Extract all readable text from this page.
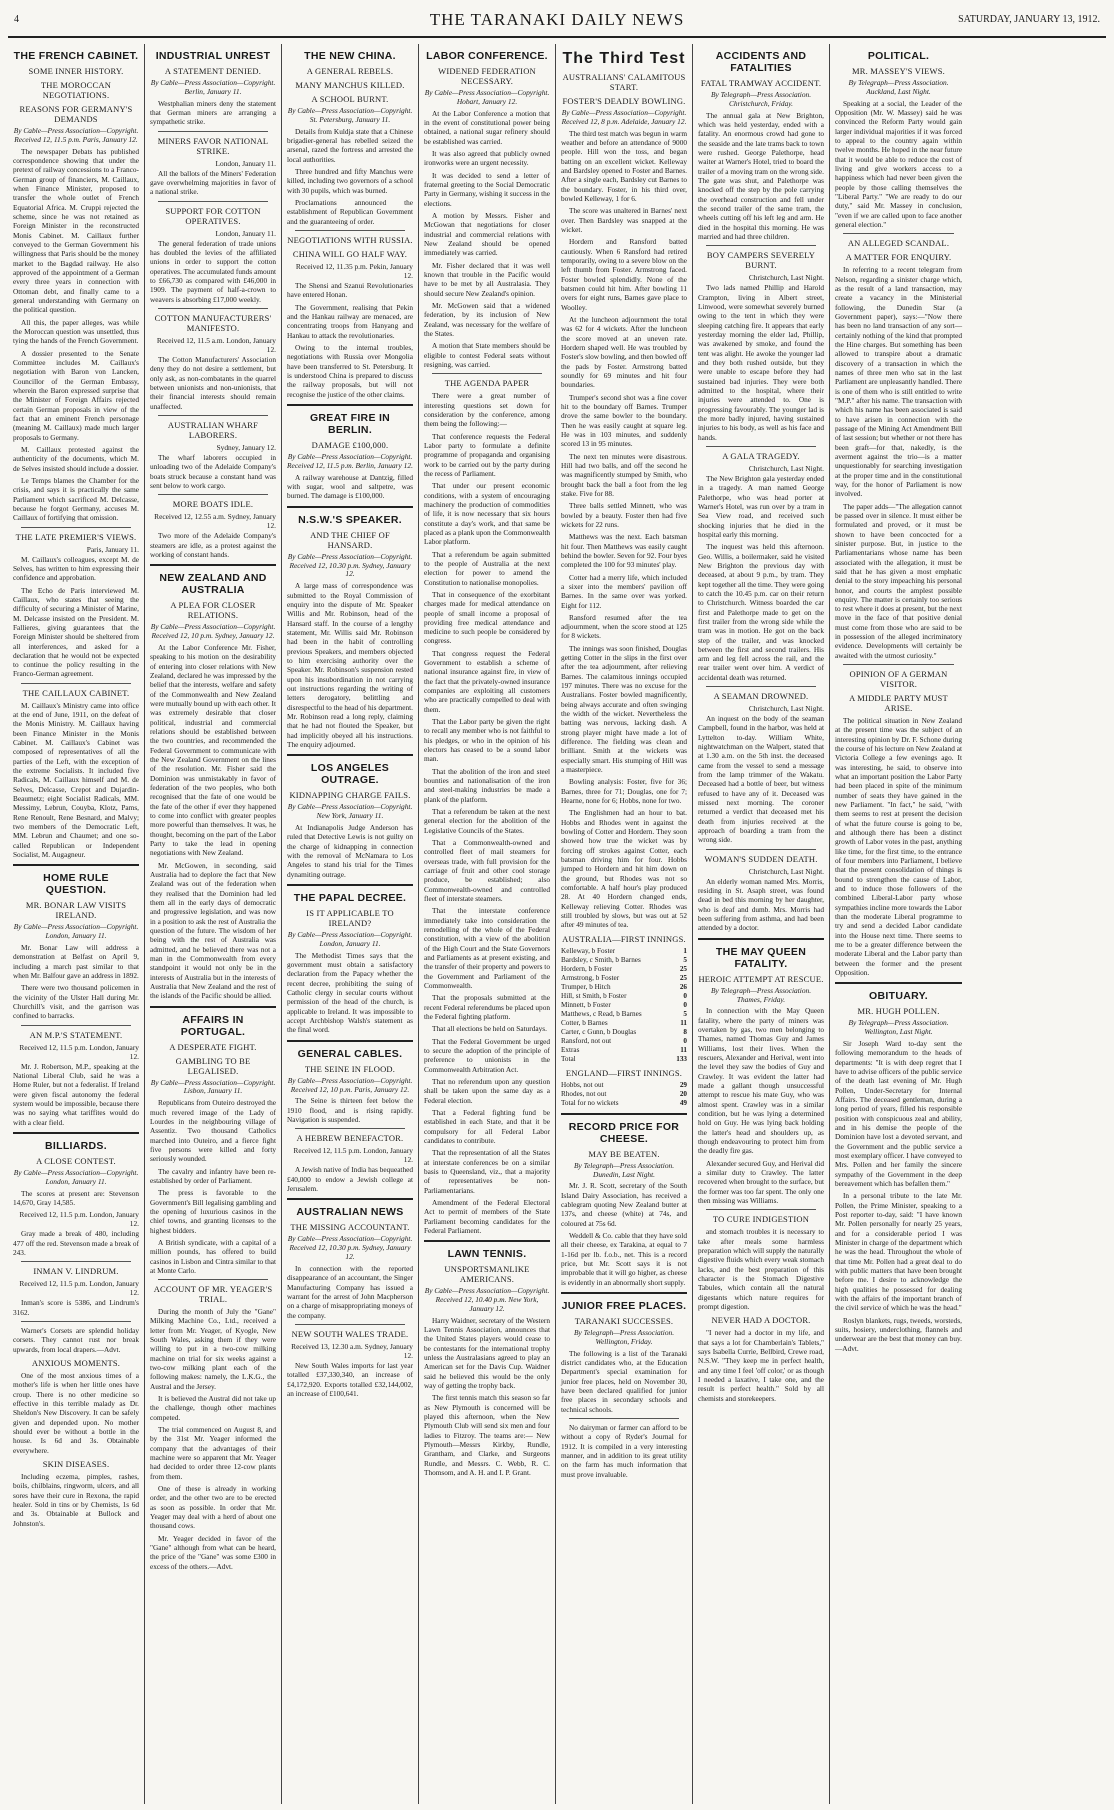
4	THE TARANAKI DAILY NEWS	SATURDAY, JANUARY 13, 1912.
THE FRENCH CABINET.
SOME INNER HISTORY.
THE MOROCCAN NEGOTIATIONS.
REASONS FOR GERMANY'S DEMANDS
By Cable—Press Association—Copyright. Received 12, 11.5 p.m. Paris, January 12.
The newspaper Debats has published correspondence showing that under the pretext of railway concessions to a Franco-German group of financiers, M. Caillaux, when Finance Minister, proposed to transfer the whole outlet of French Equatorial Africa. M. Cruppi rejected the scheme, since he was not retained as Foreign Minister in the reconstructed Monis Cabinet. M. Caillaux further conveyed to the German Government his willingness that Paris should be the money market to the Bagdad railway. He also approved of the appointment of a German every three years in connection with Ottoman debt, and finally came to a general understanding with Germany on the political question.
All this, the paper alleges, was while the Moroccan question was unsettled, thus tying the hands of the French Government.
A dossier presented to the Senate Committee includes M. Caillaux's negotiation with Baron von Lancken, Councillor of the German Embassy, wherein the Baron expressed surprise that the Minister of Foreign Affairs rejected certain German proposals in view of the fact that an eminent French personage (meaning M. Caillaux) made much larger proposals to Germany.
M. Caillaux protested against the authenticity of the documents, which M. de Selves insisted should include a dossier.
Le Temps blames the Chamber for the crisis, and says it is practically the same Parliament which sacrificed M. Delcasse, because he forgot Germany, accuses M. Caillaux of fortifying that omission.
THE LATE PREMIER'S VIEWS.
Paris, January 11.
M. Caillaux's colleagues, except M. de Selves, has written to him expressing their confidence and approbation.
The Echo de Paris interviewed M. Caillaux, who states that seeing the difficulty of securing a Minister of Marine, M. Delcasse insisted on the President. M. Fallieres, giving guarantees that the Foreign Minister should be sheltered from all interferences, and asked for a declaration that he would not be expected to continue the policy resulting in the Franco-German agreement.
THE CAILLAUX CABINET.
M. Caillaux's Ministry came into office at the end of June, 1911, on the defeat of the Monis Ministry. M. Caillaux having been Finance Minister in the Monis Cabinet. M. Caillaux's Cabinet was composed of representatives of all the parties of the Left, with the exception of the extreme Socialists. It included five Radicals, M. Caillaux himself and M. de Selves, Delcasse, Crepot and Dujardin-Beaumetz; eight Socialist Radicals, MM. Messimy, Lebrun, Couyba, Klotz, Pams, Rene Renoult, Rene Besnard, and Malvy; two members of the Democratic Left, MM. Lebrun and Chaumet; and one so-called Republican or Independent Socialist, M. Augagneur.
HOME RULE QUESTION.
MR. BONAR LAW VISITS IRELAND.
By Cable—Press Association—Copyright. London, January 11.
Mr. Bonar Law will address a demonstration at Belfast on April 9, including a march past similar to that when Mr. Balfour gave an address in 1892.
There were two thousand policemen in the vicinity of the Ulster Hall during Mr. Churchill's visit, and the garrison was confined to barracks.
AN M.P.'S STATEMENT.
Received 12, 11.5 p.m. London, January 12.
Mr. J. Robertson, M.P., speaking at the National Liberal Club, said he was a Home Ruler, but not a federalist. If Ireland were given fiscal autonomy the federal system would be impossible, because there was no saying what tariffites would do with a clear field.
BILLIARDS.
A CLOSE CONTEST.
By Cable—Press Association—Copyright. London, January 11.
The scores at present are: Stevenson 14,670, Gray 14,585.
Received 12, 11.5 p.m. London, January 12.
Gray made a break of 480, including 477 off the red. Stevenson made a break of 243.
INMAN V. LINDRUM.
Received 12, 11.5 p.m. London, January 12.
Inman's score is 5386, and Lindrum's 3162.
Warner's Corsets are splendid holiday corsets. They cannot rust nor break upwards, from local drapers.—Advt.
ANXIOUS MOMENTS.
One of the most anxious times of a mother's life is when her little ones have croup. There is no other medicine so effective in this terrible malady as Dr. Sheldon's New Discovery. It can be safely given and depended upon. No mother should ever be without a bottle in the house. Is 6d and 3s. Obtainable everywhere.
SKIN DISEASES.
Including eczema, pimples, rashes, boils, chilblains, ringworm, ulcers, and all sores have their cure in Rexona, the rapid healer. Sold in tins or by Chemists, 1s 6d and 3s. Obtainable at Bullock and Johnston's.
INDUSTRIAL UNREST
A STATEMENT DENIED.
By Cable—Press Association—Copyright. Berlin, January 11.
Westphalian miners deny the statement that German miners are arranging a sympathetic strike.
MINERS FAVOR NATIONAL STRIKE.
London, January 11.
All the ballots of the Miners' Federation gave overwhelming majorities in favor of a national strike.
SUPPORT FOR COTTON OPERATIVES.
London, January 11.
The general federation of trade unions has doubled the levies of the affiliated unions in order to support the cotton operatives. The accumulated funds amount to £66,730 as compared with £46,000 in 1909. The payment of half-a-crown to weavers is absorbing £17,000 weekly.
COTTON MANUFACTURERS' MANIFESTO.
Received 12, 11.5 a.m. London, January 12.
The Cotton Manufacturers' Association deny they do not desire a settlement, but only ask, as non-combatants in the quarrel between unionists and non-unionists, that their financial interests should remain unaffected.
AUSTRALIAN WHARF LABORERS.
Sydney, January 12.
The wharf laborers occupied in unloading two of the Adelaide Company's boats struck because a constant hand was sent below to work cargo.
MORE BOATS IDLE.
Received 12, 12.55 a.m. Sydney, January 12.
Two more of the Adelaide Company's steamers are idle, as a protest against the working of constant hands.
NEW ZEALAND AND AUSTRALIA
A PLEA FOR CLOSER RELATIONS.
By Cable—Press Association—Copyright. Received 12, 10 p.m. Sydney, January 12.
At the Labor Conference Mr. Fisher, speaking to his motion on the desirability of entering into closer relations with New Zealand, declared he was impressed by the belief that the interests, welfare and safety of the Commonwealth and New Zealand were mutually bound up with each other. It was extremely desirable that closer political, industrial and commercial relations should be established between the two countries, and recommended the Federal Government to communicate with the New Zealand Government on the lines of the resolution. Mr. Fisher said the Dominion was unmistakably in favor of federation of the two peoples, who both recognised that the fate of one would be the fate of the other if ever they happened to come into conflict with greater peoples more powerful than themselves. It was, he thought, becoming on the part of the Labor Party to take the lead in opening negotiations with New Zealand.
Mr. McGowen, in seconding, said Australia had to deplore the fact that New Zealand was out of the federation when they realised that the Dominion had led them all in the early days of democratic and progressive legislation, and was now in a position to ask the rest of Australia the question of the future. The wisdom of her being with the rest of Australia was admitted, and he believed there was not a man in the Commonwealth from every standpoint it would not only be in the interests of Australia but in the interests of Australia that New Zealand and the rest of the islands of the Pacific should be allied.
AFFAIRS IN PORTUGAL.
A DESPERATE FIGHT.
GAMBLING TO BE LEGALISED.
By Cable—Press Association—Copyright. Lisbon, January 11.
Republicans from Outeiro destroyed the much revered image of the Lady of Lourdes in the neighbouring village of Assentiz. Two thousand Catholics marched into Outeiro, and a fierce fight five persons were killed and forty seriously wounded.
The cavalry and infantry have been re-established by order of Parliament.
The press is favorable to the Government's Bill legalising gambling and the opening of luxurious casinos in the chief towns, and granting licenses to the highest bidders.
A British syndicate, with a capital of a million pounds, has offered to build casinos in Lisbon and Cintra similar to that at Monte Carlo.
ACCOUNT OF MR. YEAGER'S TRIAL.
During the month of July the "Gane" Milking Machine Co., Ltd., received a letter from Mr. Yeager, of Kyogle, New South Wales, asking them if they were willing to put in a two-cow milking machine on trial for six weeks against a two-cow milking plant each of the following makes: namely, the L.K.G., the Austral and the Jersey.
It is believed the Austral did not take up the challenge, though other machines competed.
The trial commenced on August 8, and by the 31st Mr. Yeager informed the company that the advantages of their machine were so apparent that Mr. Yeager had decided to order three 12-cow plants from them.
One of these is already in working order, and the other two are to be erected as soon as possible. In order that Mr. Yeager may deal with a herd of about one thousand cows.
Mr. Yeager decided in favor of the "Gane" although from what can be heard, the price of the "Gane" was some £300 in excess of the others.—Advt.
THE NEW CHINA.
A GENERAL REBELS.
MANY MANCHUS KILLED.
A SCHOOL BURNT.
By Cable—Press Association—Copyright. St. Petersburg, January 11.
Details from Kuldja state that a Chinese brigadier-general has rebelled seized the arsenal, razed the fortress and arrested the local authorities.
Three hundred and fifty Manchus were killed, including two governors of a school with 30 pupils, which was burned.
Proclamations announced the establishment of Republican Government and the guaranteeing of order.
NEGOTIATIONS WITH RUSSIA.
CHINA WILL GO HALF WAY.
Received 12, 11.35 p.m. Pekin, January 12.
The Shensi and Szanui Revolutionaries have entered Honan.
The Government, realising that Pekin and the Hankau railway are menaced, are concentrating troops from Hanyang and Hankau to attack the revolutionaries.
Owing to the internal troubles, negotiations with Russia over Mongolia have been transferred to St. Petersburg. It is understood China is prepared to discuss the railway proposals, but will not recognise the justice of the other claims.
GREAT FIRE IN BERLIN.
DAMAGE £100,000.
By Cable—Press Association—Copyright. Received 12, 11.5 p.m. Berlin, January 12.
A railway warehouse at Dantzig, filled with sugar, wool and saltpetre, was burned. The damage is £100,000.
N.S.W.'S SPEAKER.
AND THE CHIEF OF HANSARD.
By Cable—Press Association—Copyright. Received 12, 10.30 p.m. Sydney, January 12.
A large mass of correspondence was submitted to the Royal Commission of enquiry into the dispute of Mr. Speaker Willis and Mr. Robinson, head of the Hansard staff. In the course of a lengthy statement, Mr. Willis said Mr. Robinson had been in the habit of controlling previous Speakers, and members objected to him exercising authority over the Speaker. Mr. Robinson's suspension rested upon his insubordination in not carrying out instructions regarding the writing of letters derogatory, belittling and disrespectful to the head of his department. Mr. Robinson read a long reply, claiming that he had not flouted the Speaker, but had implicitly obeyed all his instructions. The enquiry adjourned.
LOS ANGELES OUTRAGE.
KIDNAPPING CHARGE FAILS.
By Cable—Press Association—Copyright. New York, January 11.
At Indianapolis Judge Anderson has ruled that Detective Lewis is not guilty on the charge of kidnapping in connection with the removal of McNamara to Los Angeles to stand his trial for the Times dynamiting outrage.
THE PAPAL DECREE.
IS IT APPLICABLE TO IRELAND?
By Cable—Press Association—Copyright. London, January 11.
The Methodist Times says that the government must obtain a satisfactory declaration from the Papacy whether the recent decree, prohibiting the suing of Catholic clergy in secular courts without permission of the head of the church, is applicable to Ireland. It was impossible to accept Archbishop Walsh's statement as the final word.
GENERAL CABLES.
THE SEINE IN FLOOD.
By Cable—Press Association—Copyright. Received 12, 10 p.m. Paris, January 12.
The Seine is thirteen feet below the 1910 flood, and is rising rapidly. Navigation is suspended.
A HEBREW BENEFACTOR.
Received 12, 11.5 p.m. London, January 12.
A Jewish native of India has bequeathed £40,000 to endow a Jewish college at Jerusalem.
AUSTRALIAN NEWS
THE MISSING ACCOUNTANT.
By Cable—Press Association—Copyright. Received 12, 10.30 p.m. Sydney, January 12.
In connection with the reported disappearance of an accountant, the Singer Manufacturing Company has issued a warrant for the arrest of John Macpherson on a charge of misappropriating moneys of the company.
NEW SOUTH WALES TRADE.
Received 13, 12.30 a.m. Sydney, January 12.
New South Wales imports for last year totalled £37,330,340, an increase of £4,172,920. Exports totalled £32,144,002, an increase of £100,641.
LABOR CONFERENCE.
WIDENED FEDERATION NECESSARY.
By Cable—Press Association—Copyright. Hobart, January 12.
At the Labor Conference a motion that in the event of constitutional power being obtained, a national sugar refinery should be established was carried.
It was also agreed that publicly owned ironworks were an urgent necessity.
It was decided to send a letter of fraternal greeting to the Social Democratic Party in Germany, wishing it success in the elections.
A motion by Messrs. Fisher and McGowan that negotiations for closer industrial and commercial relations with New Zealand should be opened immediately was carried.
Mr. Fisher declared that it was well known that trouble in the Pacific would have to be met by all Australasia. They should secure New Zealand's opinion.
Mr. McGowen said that a widened federation, by its inclusion of New Zealand, was necessary for the welfare of the States.
A motion that State members should be eligible to contest Federal seats without resigning, was carried.
THE AGENDA PAPER
There were a great number of interesting questions set down for consideration by the conference, among them being the following:—
That conference requests the Federal Labor party to formulate a definite programme of propaganda and organising work to be carried out by the party during the recess of Parliament.
That under our present economic conditions, with a system of encouraging machinery the production of commodities of life, it is now necessary that six hours constitute a day's work, and that same be placed as a plank upon the Commonwealth Labor platform.
That a referendum be again submitted to the people of Australia at the next election for power to amend the Constitution to nationalise monopolies.
That in consequence of the exorbitant charges made for medical attendance on people of small income a proposal of providing free medical attendance and medicine to such people be considered by congress.
That congress request the Federal Government to establish a scheme of national insurance against fire, in view of the fact that the privately-owned insurance companies are exploiting all customers who are practically compelled to deal with them.
That the Labor party be given the right to recall any member who is not faithful to his pledges, or who in the opinion of his electors has ceased to be a sound labor man.
That the abolition of the iron and steel bounties and nationalisation of the iron and steel-making industries be made a plank of the platform.
That a referendum be taken at the next general election for the abolition of the Legislative Councils of the States.
That a Commonwealth-owned and controlled fleet of mail steamers for overseas trade, with full provision for the carriage of fruit and other cool storage produce, be established; also Commonwealth-owned and controlled fleet of interstate steamers.
That the interstate conference immediately take into consideration the remodelling of the whole of the Federal constitution, with a view of the abolition of the High Court and the State Governors and Parliaments as at present existing, and the transfer of their property and powers to the Government and Parliament of the Commonwealth.
That the proposals submitted at the recent Federal referendums be placed upon the Federal fighting platform.
That all elections be held on Saturdays.
That the Federal Government be urged to secure the adoption of the principle of preference to unionists in the Commonwealth Arbitration Act.
That no referendum upon any question shall be taken upon the same day as a Federal election.
That a Federal fighting fund be established in each State, and that it be compulsory for all Federal Labor candidates to contribute.
That the representation of all the States at interstate conferences be on a similar basis to Queensland, viz., that a majority of representatives be non-Parliamentarians.
Amendment of the Federal Electoral Act to permit of members of the State Parliament becoming candidates for the Federal Parliament.
LAWN TENNIS.
UNSPORTSMANLIKE AMERICANS.
By Cable—Press Association—Copyright. Received 12, 10.40 p.m. New York, January 12.
Harry Waidner, secretary of the Western Lawn Tennis Association, announces that the United States players would cease to be contestants for the international trophy unless the Australasians agreed to play an American set for the Davis Cup. Waidner said he believed this would be the only way of getting the trophy back.
The first tennis match this season so far as New Plymouth is concerned will be played this afternoon, when the New Plymouth Club will send six men and four ladies to Fitzroy. The teams are:— New Plymouth—Messrs Kirkby, Rundle, Grantham, and Clarke, and Surgeons Rundle, and Messrs. C. Webb, R. C. Thomsom, and A. H. and I. P. Grant.
The Third Test
AUSTRALIANS' CALAMITOUS START.
FOSTER'S DEADLY BOWLING.
By Cable—Press Association—Copyright. Received 12, 8 p.m. Adelaide, January 12.
The third test match was begun in warm weather and before an attendance of 9000 people. Hill won the toss, and began batting on an excellent wicket. Kelleway and Bardsley opened to Foster and Barnes. After a single each, Bardsley cut Barnes to the boundary. Foster, in his third over, bowled Kelleway, 1 for 6.
The score was unaltered in Barnes' next over. Then Bardsley was snapped at the wicket.
Hordern and Ransford batted cautiously. When 6 Ransford had retired temporarily, owing to a severe blow on the left thumb from Foster. Armstrong faced. Foster bowled splendidly. None of the batsmen could hit him. After bowling 11 overs for eight runs, Barnes gave place to Woolley.
At the luncheon adjournment the total was 62 for 4 wickets. After the luncheon the score moved at an uneven rate. Hordern shaped well. He was troubled by Foster's slow bowling, and then bowled off the pads by Foster. Armstrong batted soundly for 69 minutes and hit four boundaries.
Trumper's second shot was a fine cover hit to the boundary off Barnes. Trumper drove the same bowler to the boundary. Then he was easily caught at square leg. He was in 103 minutes, and suddenly scored 13 in 95 minutes.
The next ten minutes were disastrous. Hill had two balls, and off the second he was magnificently stumped by Smith, who brought back the ball a foot from the leg stake. Five for 88.
Three balls settled Minnett, who was bowled by a beauty. Foster then had five wickets for 22 runs.
Matthews was the next. Each batsman hit four. Then Matthews was easily caught behind the bowler. Seven for 92. Four byes completed the 100 for 93 minutes' play.
Cotter had a merry life, which included a sixer into the members' pavilion off Barnes. In the same over was yorked. Eight for 112.
Ransford resumed after the tea adjournment, when the score stood at 125 for 8 wickets.
The innings was soon finished, Douglas getting Cotter in the slips in the first over after the tea adjournment, after relieving Barnes. The calamitous innings occupied 197 minutes. There was no excuse for the Australians. Foster bowled magnificently, being always accurate and often swinging the width of the wicket. Nevertheless the batting was nervous, lacking dash. A strong player might have made a lot of difference. The fielding was clean and brilliant. Smith at the wickets was especially smart. His stumping of Hill was a masterpiece.
Bowling analysis: Foster, five for 36; Barnes, three for 71; Douglas, one for 7; Hearne, none for 6; Hobbs, none for two.
The Englishmen had an hour to bat. Hobbs and Rhodes went in against the bowling of Cotter and Hordern. They soon showed how true the wicket was by forcing off strokes against Cotter, each batsman driving him for four. Hobbs jumped to Hordern and hit him down on the ground, but Rhodes was not so comfortable. A half hour's play produced 28. At 40 Hordern changed ends, Kelleway relieving Cotter. Rhodes was still troubled by slows, but was out at 52 after 49 minutes of tea.
AUSTRALIA—FIRST INNINGS.
Kelleway, b Foster	1
Bardsley, c Smith, b Barnes	5
Hordern, b Foster	25
Armstrong, b Foster	25
Trumper, b Hitch	26
Hill, st Smith, b Foster	0
Minnett, b Foster	0
Matthews, c Read, b Barnes	5
Cotter, b Barnes	11
Carter, c Gunn, b Douglas	8
Ransford, not out	0
Extras	11
Total	133
ENGLAND—FIRST INNINGS.
Hobbs, not out	29
Rhodes, not out	20
Total for no wickets	49
RECORD PRICE FOR CHEESE.
MAY BE BEATEN.
By Telegraph—Press Association. Dunedin, Last Night.
Mr. J. R. Scott, secretary of the South Island Dairy Association, has received a cablegram quoting New Zealand butter at 137s, and cheese (white) at 74s, and coloured at 75s 6d.
Weddell & Co. cable that they have sold all their cheese, ex Tarakina, at equal to 7 1-16d per lb. f.o.b., net. This is a record price, but Mr. Scott says it is not improbable that it will go higher, as cheese is evidently in an abnormally short supply.
JUNIOR FREE PLACES.
TARANAKI SUCCESSES.
By Telegraph—Press Association. Wellington, Friday.
The following is a list of the Taranaki district candidates who, at the Education Department's special examination for junior free places, held on November 30, have been declared qualified for junior free places in secondary schools and technical schools.
No dairyman or farmer can afford to be without a copy of Ryder's Journal for 1912. It is compiled in a very interesting manner, and in addition to its great utility on the farm has much information that must prove invaluable.
ACCIDENTS AND FATALITIES
FATAL TRAMWAY ACCIDENT.
By Telegraph—Press Association. Christchurch, Friday.
The annual gala at New Brighton, which was held yesterday, ended with a fatality. An enormous crowd had gone to the seaside and the late trams back to town were rushed. George Palethorpe, head waiter at Warner's Hotel, tried to board the trailer of a moving tram on the wrong side. The gate was shut, and Palethorpe was knocked off the step by the pole carrying the overhead construction and fell under the second trailer of the same tram, the wheels cutting off his left leg and arm. He died in the hospital this morning. He was married and had three children.
BOY CAMPERS SEVERELY BURNT.
Christchurch, Last Night.
Two lads named Phillip and Harold Crampton, living in Albert street, Linwood, were somewhat severely burned owing to the tent in which they were sleeping catching fire. It appears that early yesterday morning the elder lad, Phillip, was awakened by smoke, and found the tent was alight. He awoke the younger lad and they both rushed outside, but they were unable to escape before they had sustained bad injuries. They were both admitted to the hospital, where their injuries were attended to. One is progressing favourably. The younger lad is the more badly injured, having sustained injuries to his body, as well as his face and hands.
A GALA TRAGEDY.
Christchurch, Last Night.
The New Brighton gala yesterday ended in a tragedy. A man named George Palethorpe, who was head porter at Warner's Hotel, was run over by a tram in Sea View road, and received such shocking injuries that he died in the hospital early this morning.
The inquest was held this afternoon. Geo. Willis, a boilermaker, said he visited New Brighton the previous day with deceased, at about 9 p.m., by tram. They kept together all the time. They were going to catch the 10.45 p.m. car on their return to Christchurch. Witness boarded the car first and Palethorpe made to get on the first trailer from the wrong side while the tram was in motion. He got on the back step of the trailer, and was knocked between the first and second trailers. His arm and leg fell across the rail, and the rear trailer went over him. A verdict of accidental death was returned.
A SEAMAN DROWNED.
Christchurch, Last Night.
An inquest on the body of the seaman Campbell, found in the harbor, was held at Lyttelton to-day. William White, nightwatchman on the Walpert, stated that at 1.30 a.m. on the 5th inst. the deceased came from the vessel to send a message from the lamp trimmer of the Wakatu. Deceased had a bottle of beer, but witness refused to have any of it. Deceased was missed next morning. The coroner returned a verdict that deceased met his death from injuries received at the approach of boarding a tram from the wrong side.
WOMAN'S SUDDEN DEATH.
Christchurch, Last Night.
An elderly woman named Mrs. Morris, residing in St. Asaph street, was found dead in bed this morning by her daughter, who is deaf and dumb. Mrs. Morris had been suffering from asthma, and had been attended by a doctor.
THE MAY QUEEN FATALITY.
HEROIC ATTEMPT AT RESCUE.
By Telegraph—Press Association. Thames, Friday.
In connection with the May Queen fatality, where the party of miners was overtaken by gas, two men belonging to Thames, named Thomas Guy and James Williams, lost their lives. When the rescuers, Alexander and Herival, went into the level they saw the bodies of Guy and Crawley. It was evident the latter had made a gallant though unsuccessful attempt to rescue his mate Guy, who was almost spent. Crawley was in a similar condition, but he was lying a determined hold on Guy. He was lying back holding the latter's head and shoulders up, as though endeavouring to protect him from the deadly fire gas.
Alexander secured Guy, and Herival did a similar duty to Crawley. The latter recovered when brought to the surface, but the former was too far spent. The only one then missing was Williams.
TO CURE INDIGESTION
and stomach troubles it is necessary to take after meals some harmless preparation which will supply the naturally digestive fluids which every weak stomach lacks, and the best preparation of this character is the Stomach Digestive Tabules, which contain all the natural digestants which nature requires for prompt digestion.
NEVER HAD A DOCTOR.
"I never had a doctor in my life, and that says a lot for Chamberlain's Tablets," says Isabella Currie, Bellbird, Crewe road, N.S.W. "They keep me in perfect health, and any time I feel 'off color,' or as though I needed a laxative, I take one, and the result is perfect health." Sold by all chemists and storekeepers.
POLITICAL.
MR. MASSEY'S VIEWS.
By Telegraph—Press Association. Auckland, Last Night.
Speaking at a social, the Leader of the Opposition (Mr. W. Massey) said he was convinced the Reform Party would gain larger individual majorities if it was forced to appeal to the country again within twelve months. He hoped in the near future that it would be able to reduce the cost of living and give workers access to a happiness which had never been given the people by those calling themselves the "Liberal Party." "We are ready to do our duty," said Mr. Massey in conclusion, "even if we are called upon to face another general election."
AN ALLEGED SCANDAL.
A MATTER FOR ENQUIRY.
In referring to a recent telegram from Nelson, regarding a sinister charge which, as the result of a land transaction, may create a vacancy in the Ministerial following, the Dunedin Star (a Government paper), says:—"Now there has been no land transaction of any sort—certainly nothing of the kind that prompted the Hine charges. But something has been allowed to transpire about a dramatic discovery of a transaction in which the names of three men who sat in the last Parliament are unpleasantly handled. There is one of them who is still entitled to write "M.P." after his name. The transaction with which his name has been associated is said to have arisen in connection with the passage of the Mining Act Amendment Bill of last session; but whether or not there has been graft—for that, nakedly, is the averment against the trio—is a matter unquestionably for searching investigation at the proper time and in the constitutional way, for the honor of Parliament is now involved.
The paper adds—"The allegation cannot be passed over in silence. It must either be formulated and proved, or it must be shown to have been concocted for a sinister purpose. But, in justice to the Parliamentarians whose name has been associated with the allegation, it must be said that he has given a most emphatic denial to the story impeaching his personal honor, and courts the amplest possible enquiry. The matter is certainly too serious to rest where it does at present, but the next move in the face of that positive denial must come from those who are said to be in possession of the alleged incriminatory evidence. Developments will certainly be awaited with the utmost curiosity."
OPINION OF A GERMAN VISITOR.
A MIDDLE PARTY MUST ARISE.
The political situation in New Zealand at the present time was the subject of an interesting opinion by Dr. F. Schone during the course of his lecture on New Zealand at Victoria College a few evenings ago. It was interesting, he said, to observe into what an important position the Labor Party had been placed in spite of the minimum number of seats they have gained in the new Parliament. "In fact," he said, "with them seems to rest at present the decision of what the future course is going to be, and although there has been a distinct growth of Labor votes in the past, anything like time, for the first time, to the entrance of four members into Parliament, I believe that the present consolidation of things is bound to strengthen the cause of Labor, and to induce those followers of the combined Liberal-Labor party whose sympathies incline more towards the Labor than the moderate Liberal programme to try and send a decided Labor candidate into the House next time. There seems to me to be a greater difference between the moderate Liberal and the Labor party than between the former and the present Opposition.
OBITUARY.
MR. HUGH POLLEN.
By Telegraph—Press Association. Wellington, Last Night.
Sir Joseph Ward to-day sent the following memorandum to the heads of departments: "It is with deep regret that I have to advise officers of the public service of the death last evening of Mr. Hugh Pollen, Under-Secretary for Internal Affairs. The deceased gentleman, during a long period of years, filled his responsible position with conspicuous zeal and ability, and in his demise the people of the Dominion have lost a devoted servant, and the Government and the public service a most exemplary officer. I have conveyed to Mrs. Pollen and her family the sincere sympathy of the Government in the deep bereavement which has befallen them."
In a personal tribute to the late Mr. Pollen, the Prime Minister, speaking to a Post reporter to-day, said: "I have known Mr. Pollen personally for nearly 25 years, and for a considerable period I was Minister in charge of the department which he was the head. Throughout the whole of that time Mr. Pollen had a great deal to do with public matters that have been brought before me. I desire to acknowledge the high qualities he possessed for dealing with the affairs of the important branch of the civil service of which he was the head."
Roslyn blankets, rugs, tweeds, worsteds, suits, hosiery, underclothing, flannels and underwear are the best that money can buy.—Advt.
